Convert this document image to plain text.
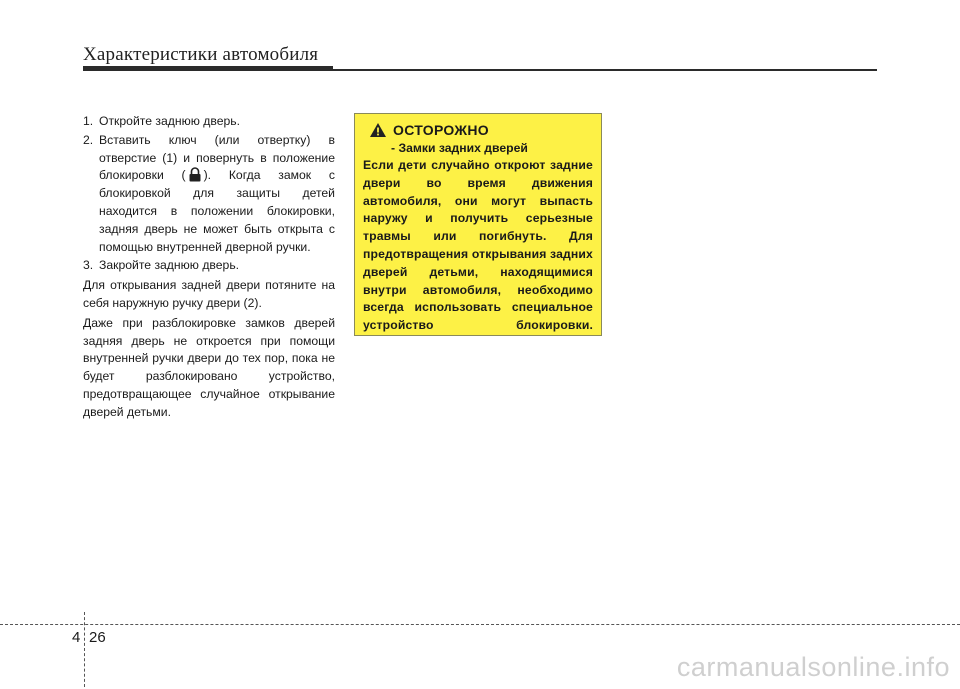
Характеристики автомобиля
1. Откройте заднюю дверь.
2. Вставить ключ (или отвертку) в отверстие (1) и повернуть в положение блокировки ( ). Когда замок с блокировкой для защиты детей находится в положении блокировки, задняя дверь не может быть открыта с помощью внутренней дверной ручки.
3. Закройте заднюю дверь.

Для открывания задней двери потяните на себя наружную ручку двери (2).

Даже при разблокировке замков дверей задняя дверь не откроется при помощи внутренней ручки двери до тех пор, пока не будет разблокировано устройство, предотвращающее случайное открывание дверей детьми.

ОСТОРОЖНО
- Замки задних дверей
Если дети случайно откроют задние двери во время движения автомобиля, они могут выпасть наружу и получить серьезные травмы или погибнуть. Для предотвращения открывания задних дверей детьми, находящимися внутри автомобиля, необходимо всегда использовать специальное устройство блокировки.
4 26
carmanualsonline.info
